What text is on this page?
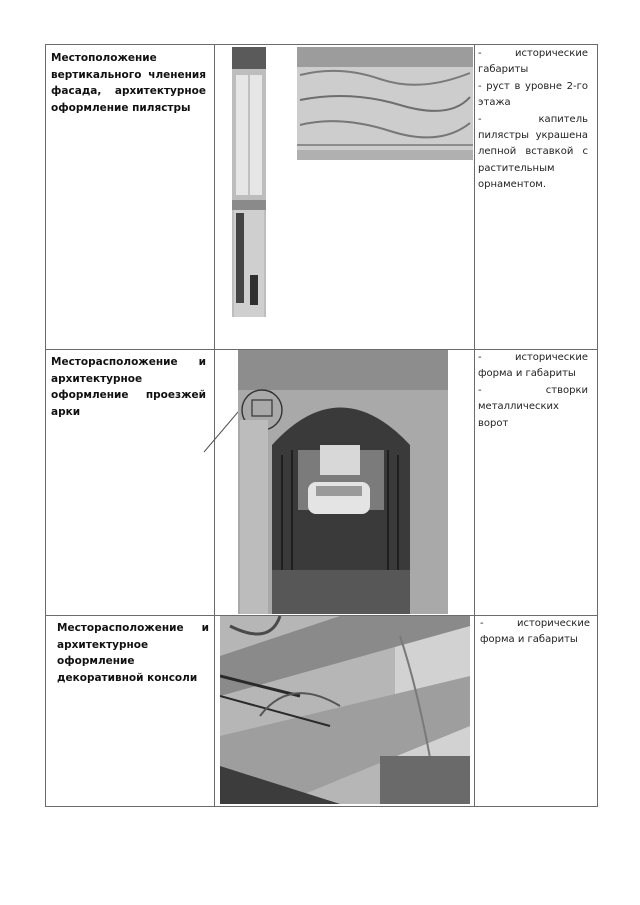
Местоположение вертикального членения фасада, архитектурное оформление пилястры

- исторические габариты

- руст в уровне 2-го этажа

- капитель пилястры украшена лепной вставкой с растительным орнаментом.

Месторасположение и архитектурное оформление проезжей арки

- исторические форма и габариты

- створки металлических ворот

Месторасположение и архитектурное оформление декоративной консоли

- исторические форма и габариты
